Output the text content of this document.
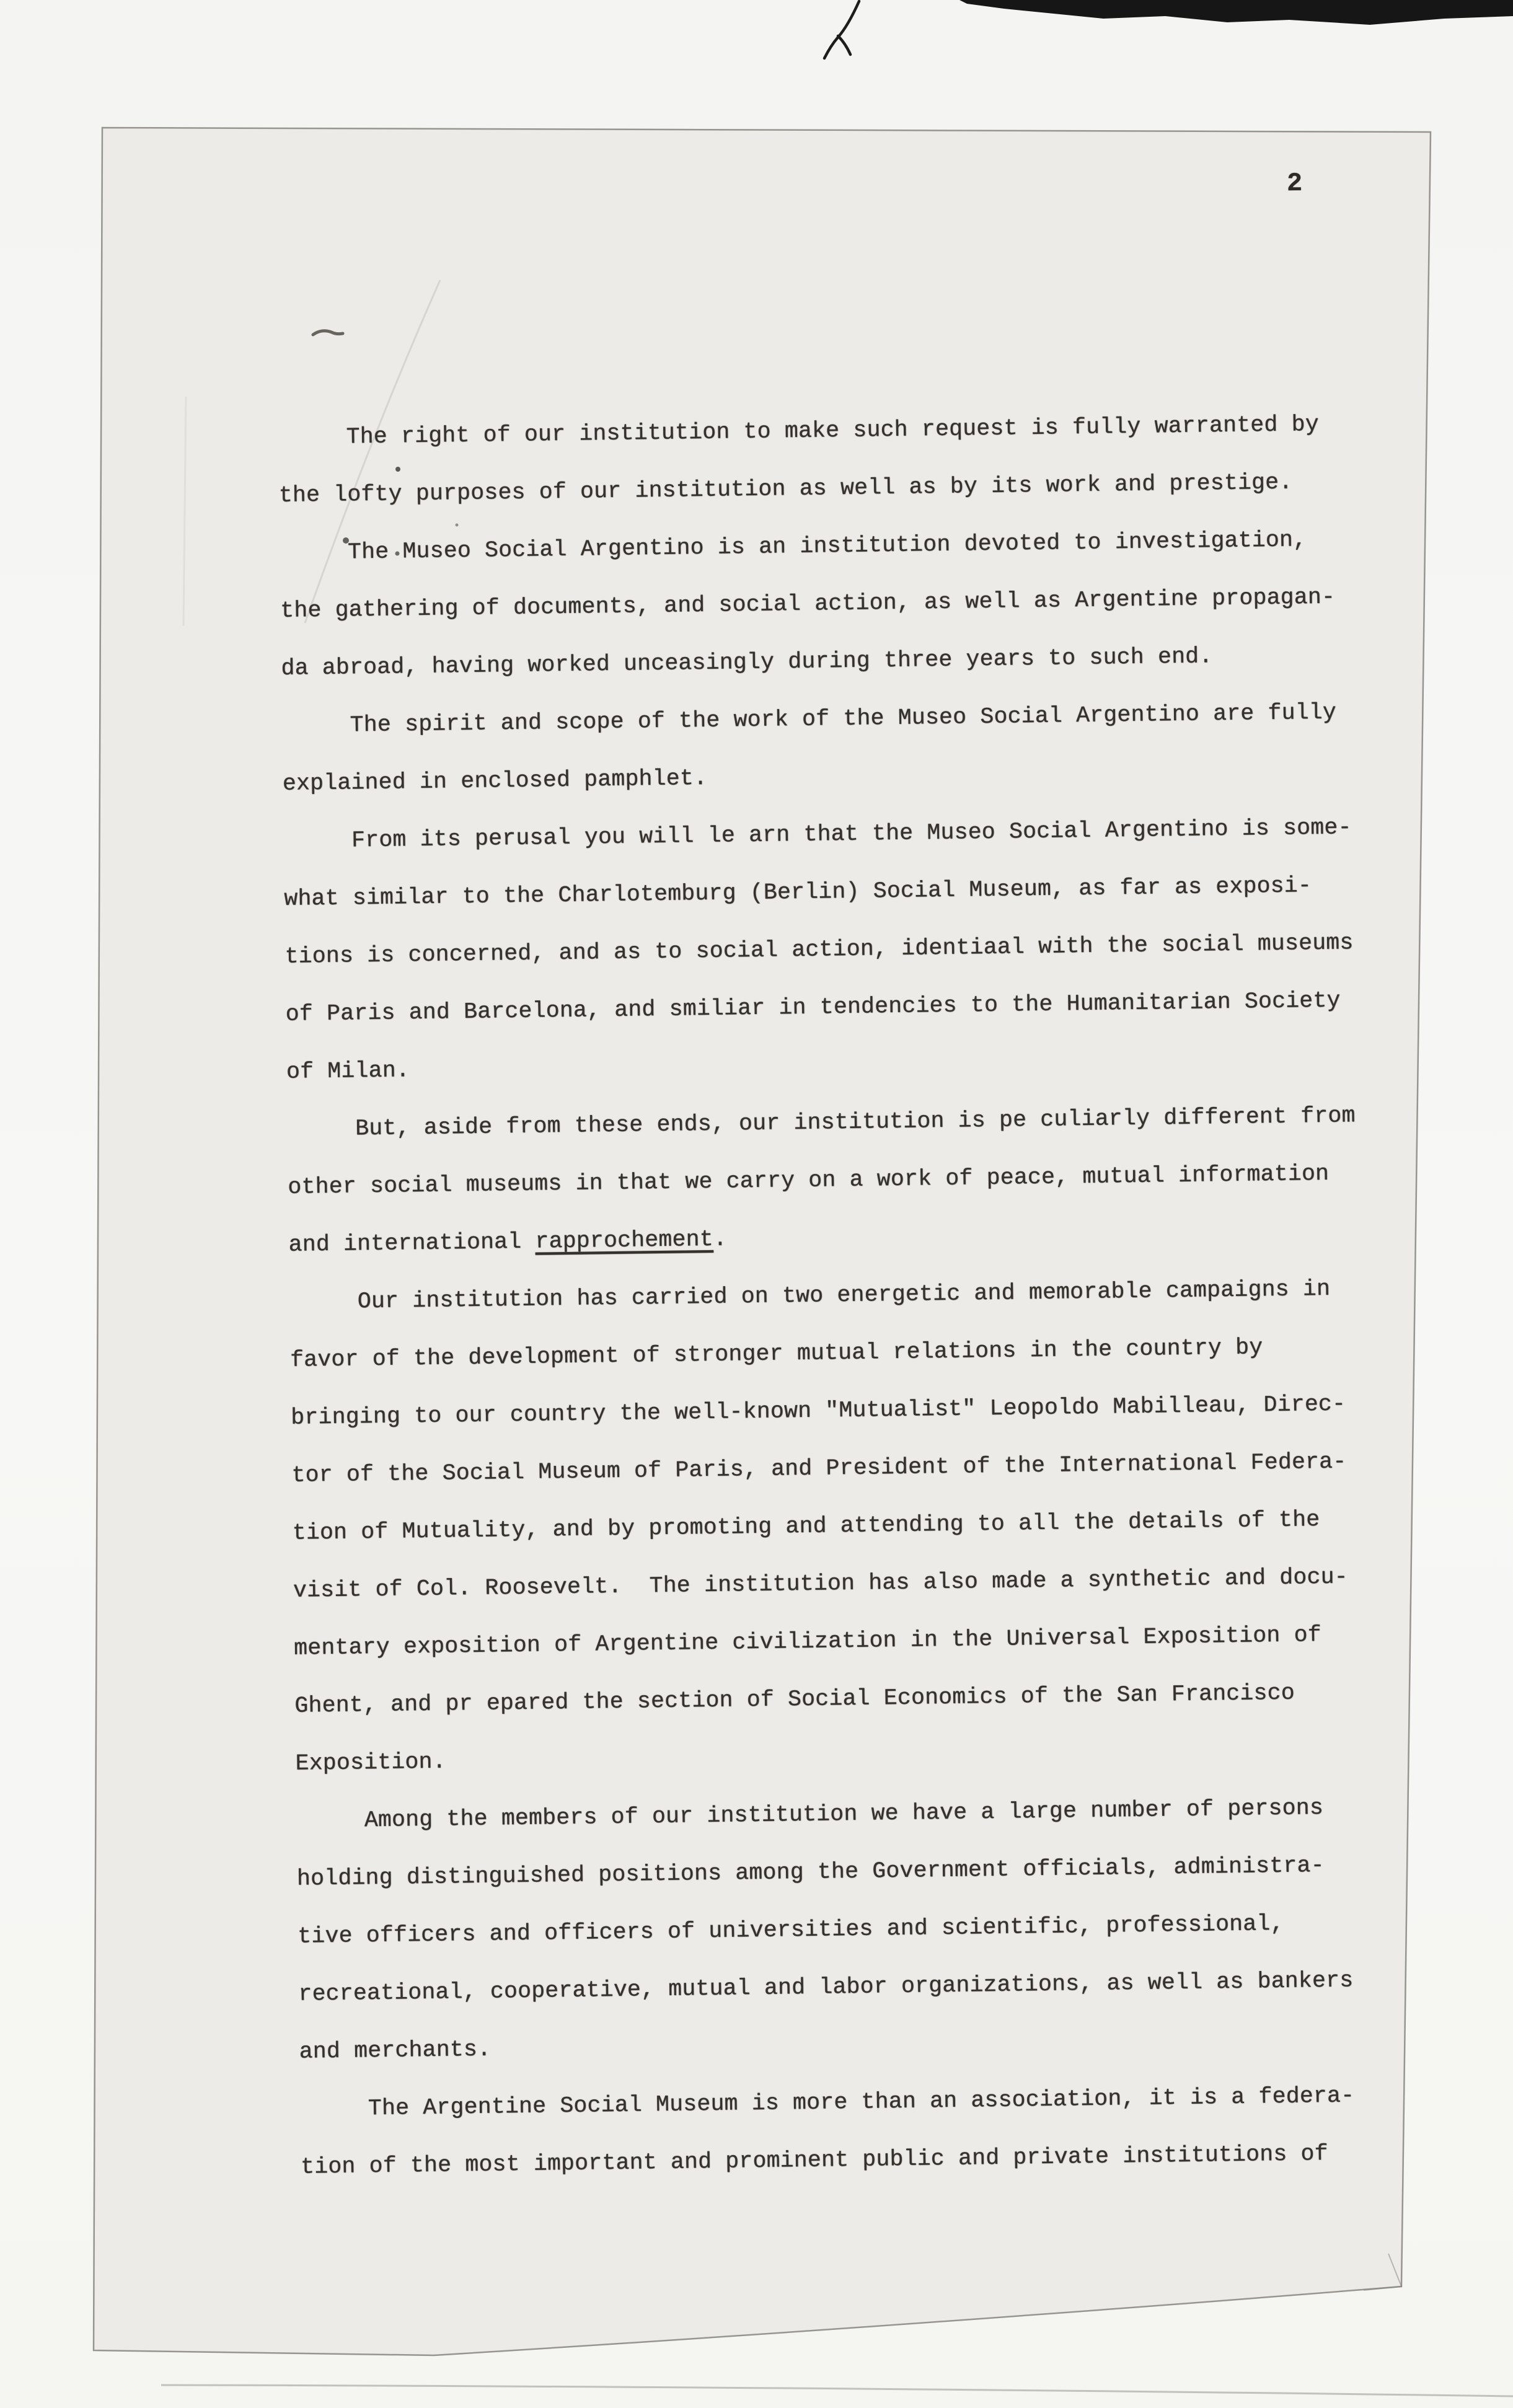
2
The right of our institution to make such request is fully warranted by
the lofty purposes of our institution as well as by its work and prestige.
The Museo Social Argentino is an institution devoted to investigation,
the gathering of documents, and social action, as well as Argentine propagan-
da abroad, having worked unceasingly during three years to such end.
The spirit and scope of the work of the Museo Social Argentino are fully
explained in enclosed pamphlet.
From its perusal you will le arn that the Museo Social Argentino is some-
what similar to the Charlotemburg (Berlin) Social Museum, as far as exposi-
tions is concerned, and as to social action, identiaal with the social museums
of Paris and Barcelona, and smiliar in tendencies to the Humanitarian Society
of Milan.
But, aside from these ends, our institution is pe culiarly different from
other social museums in that we carry on a work of peace, mutual information
and international rapprochement.
Our institution has carried on two energetic and memorable campaigns in
favor of the development of stronger mutual relations in the country by
bringing to our country the well-known "Mutualist" Leopoldo Mabilleau, Direc-
tor of the Social Museum of Paris, and President of the International Federa-
tion of Mutuality, and by promoting and attending to all the details of the
visit of Col. Roosevelt.  The institution has also made a synthetic and docu-
mentary exposition of Argentine civilization in the Universal Exposition of
Ghent, and pr epared the section of Social Economics of the San Francisco
Exposition.
Among the members of our institution we have a large number of persons
holding distinguished positions among the Government officials, administra-
tive officers and officers of universities and scientific, professional,
recreational, cooperative, mutual and labor organizations, as well as bankers
and merchants.
The Argentine Social Museum is more than an association, it is a federa-
tion of the most important and prominent public and private institutions of
